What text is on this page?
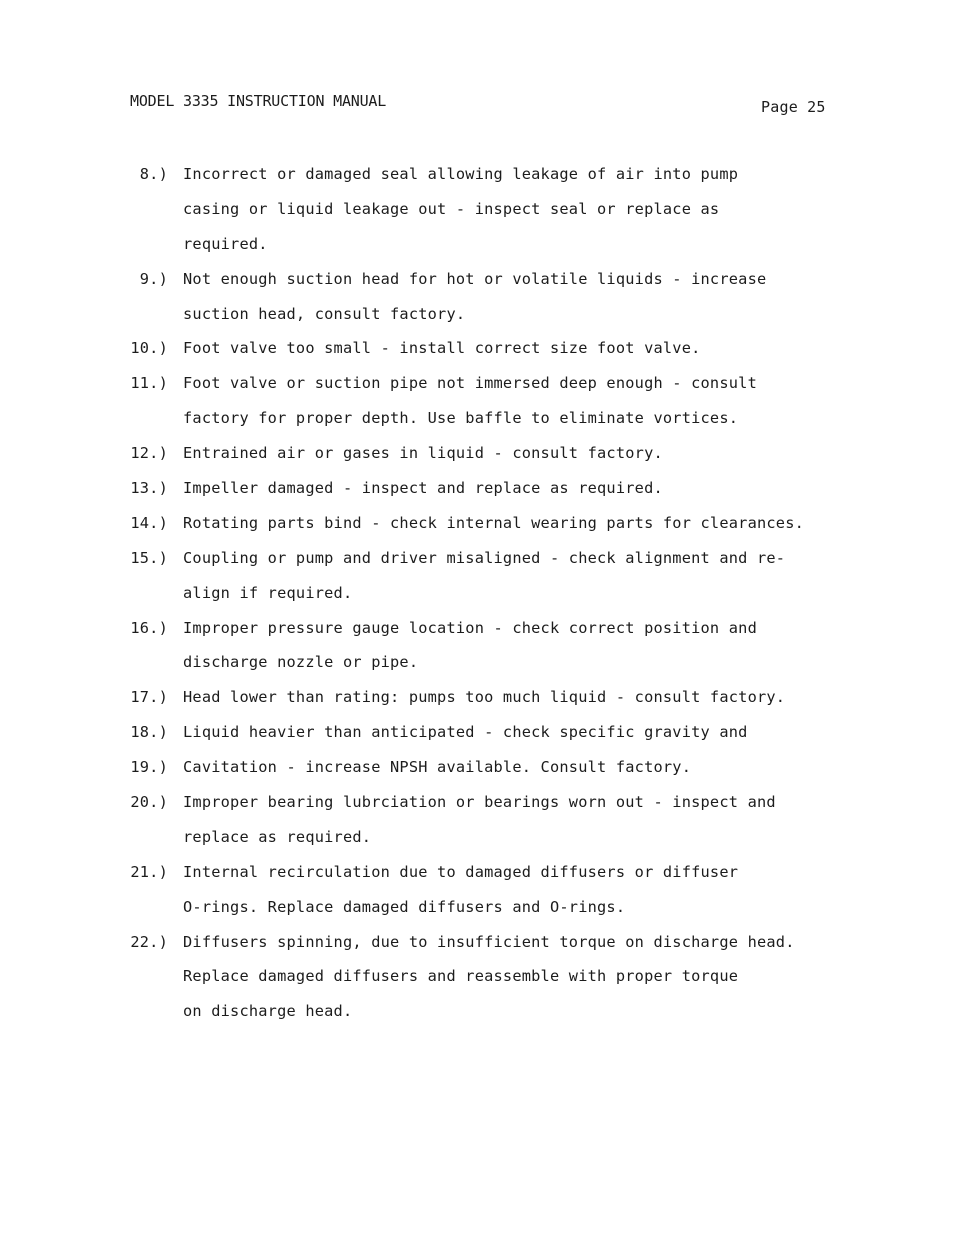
MODEL 3335 INSTRUCTION MANUAL	Page 25
8.) Incorrect or damaged seal allowing leakage of air into pump
casing or liquid leakage out - inspect seal or replace as
required.
9.) Not enough suction head for hot or volatile liquids - increase
suction head, consult factory.
10.) Foot valve too small - install correct size foot valve.
11.) Foot valve or suction pipe not immersed deep enough - consult
factory for proper depth. Use baffle to eliminate vortices.
12.) Entrained air or gases in liquid - consult factory.
13.) Impeller damaged - inspect and replace as required.
14.) Rotating parts bind - check internal wearing parts for clearances.
15.) Coupling or pump and driver misaligned - check alignment and re-
align if required.
16.) Improper pressure gauge location - check correct position and
discharge nozzle or pipe.
17.) Head lower than rating: pumps too much liquid - consult factory.
18.) Liquid heavier than anticipated - check specific gravity and
19.) Cavitation - increase NPSH available. Consult factory.
20.) Improper bearing lubrciation or bearings worn out - inspect and
replace as required.
21.) Internal recirculation due to damaged diffusers or diffuser
O-rings. Replace damaged diffusers and O-rings.
22.) Diffusers spinning, due to insufficient torque on discharge head.
Replace damaged diffusers and reassemble with proper torque
on discharge head.
